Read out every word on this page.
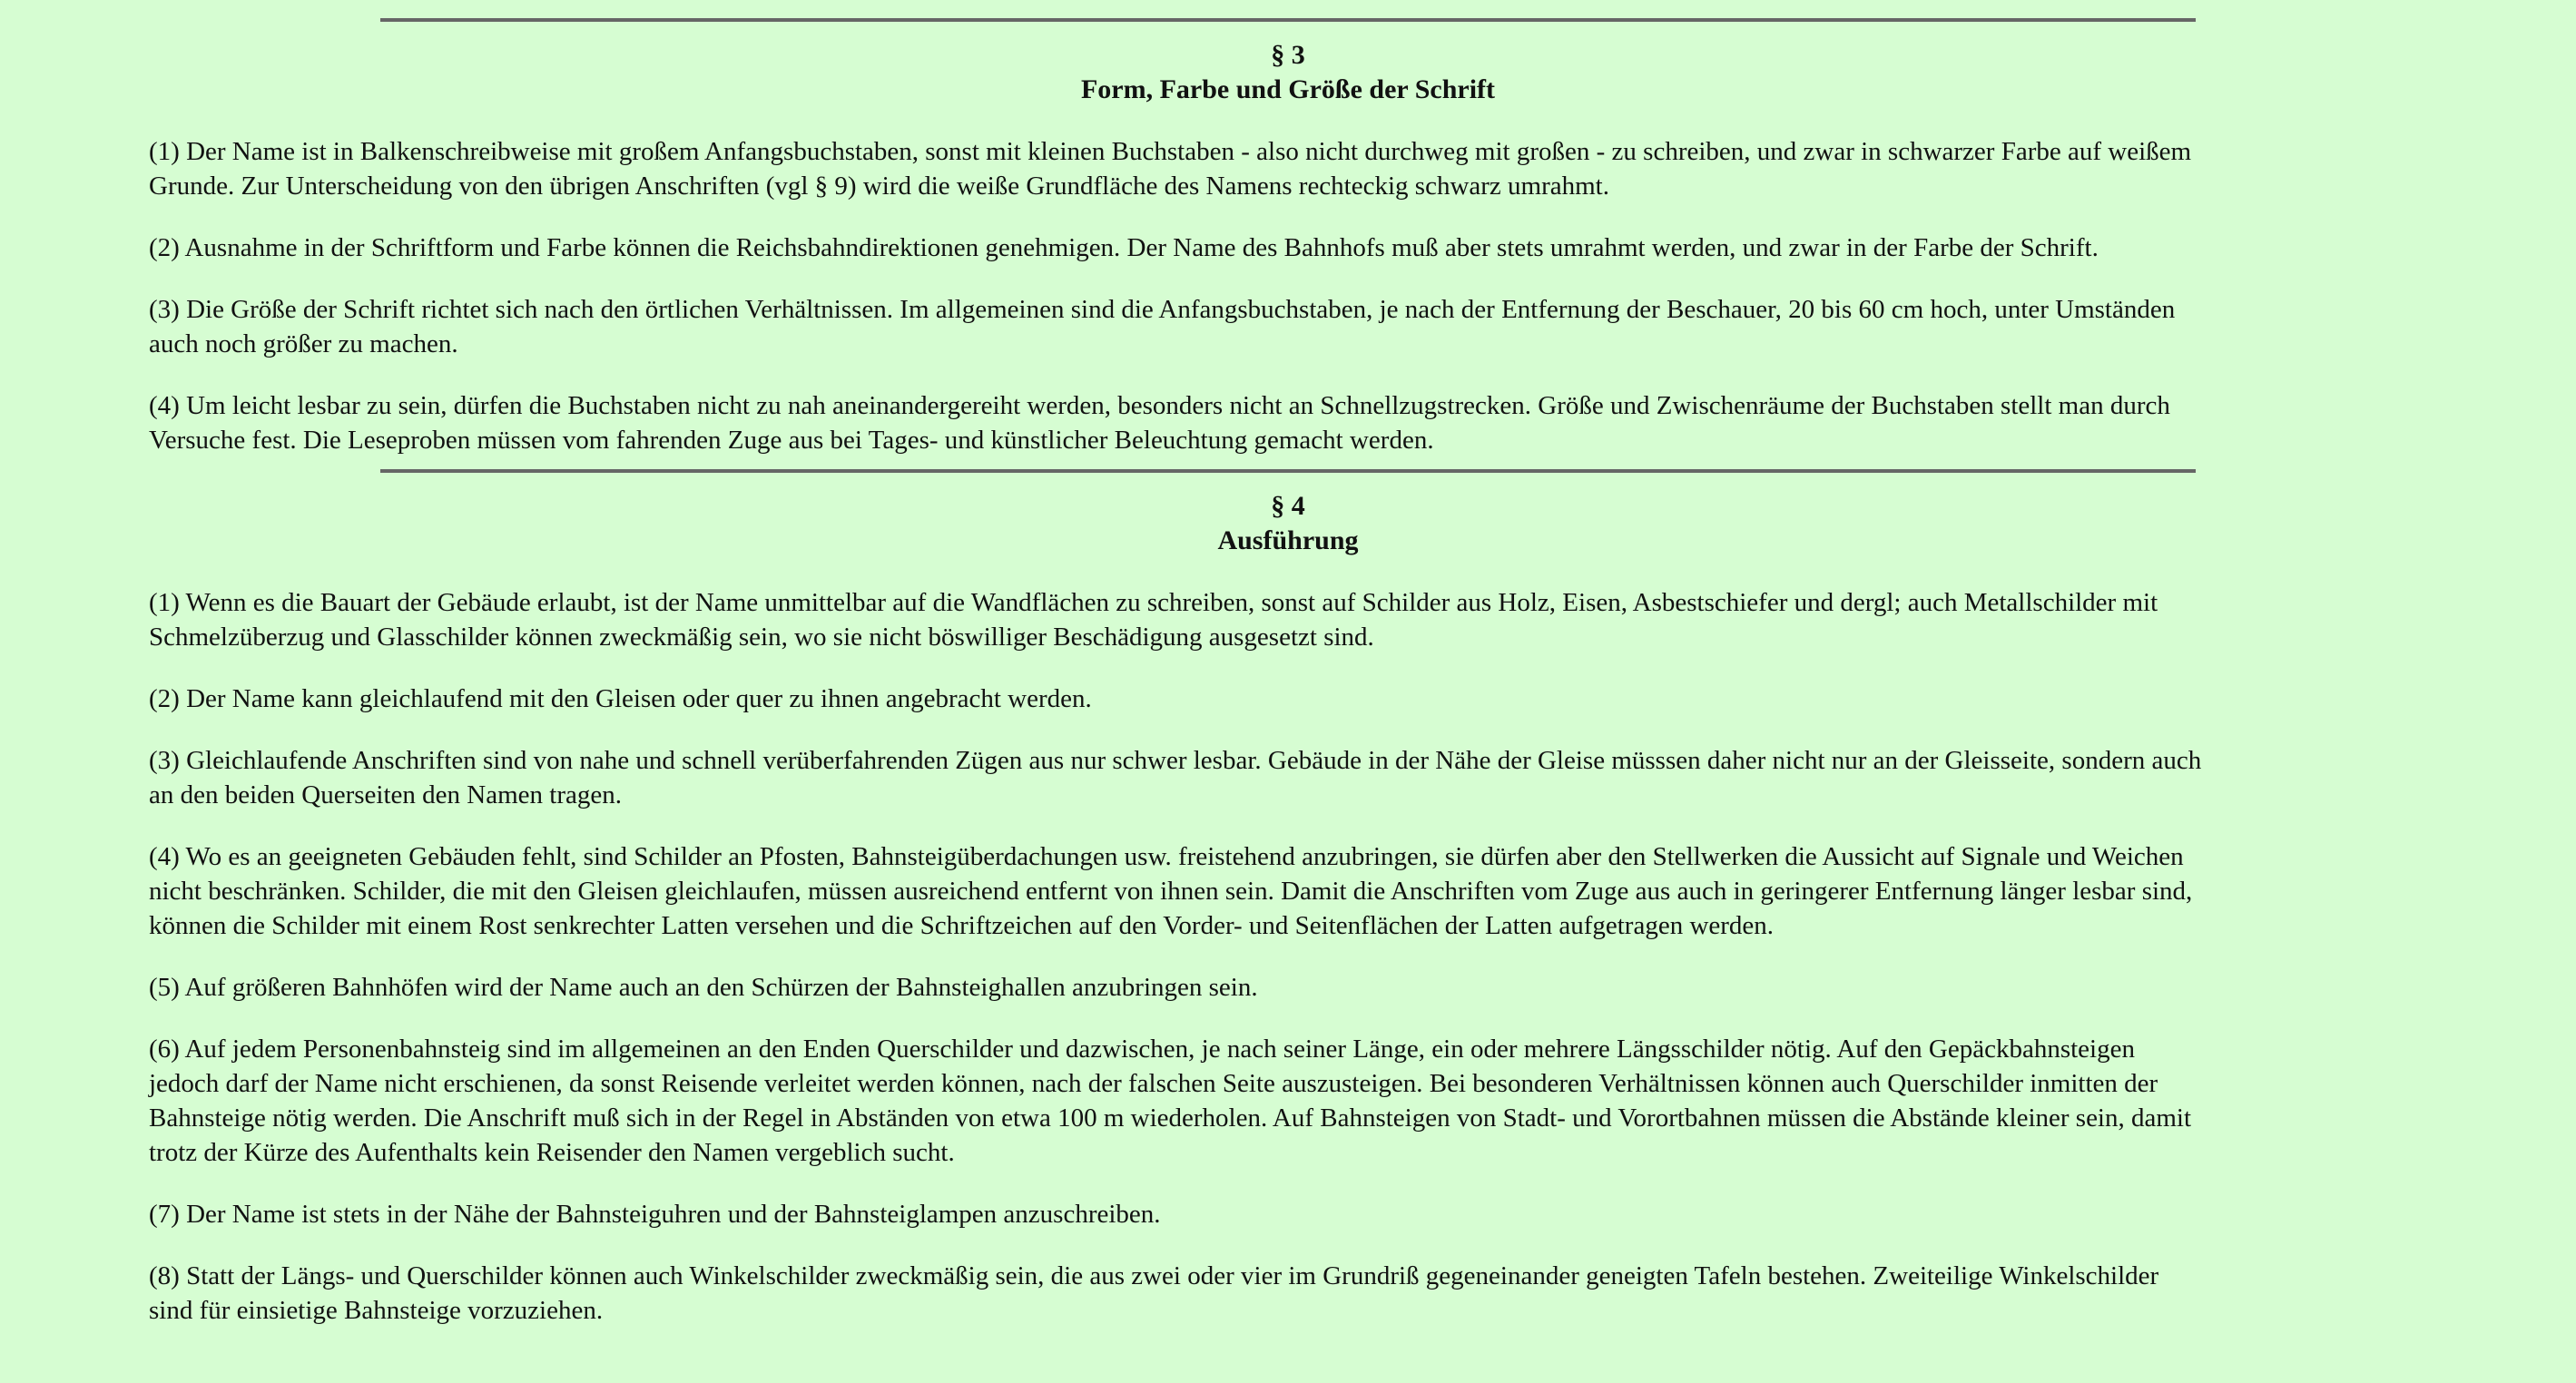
§ 3
Form, Farbe und Größe der Schrift

(1) Der Name ist in Balkenschreibweise mit großem Anfangsbuchstaben, sonst mit kleinen Buchstaben - also nicht durchweg mit großen - zu schreiben, und zwar in schwarzer Farbe auf weißem
Grunde. Zur Unterscheidung von den übrigen Anschriften (vgl § 9) wird die weiße Grundfläche des Namens rechteckig schwarz umrahmt.

(2) Ausnahme in der Schriftform und Farbe können die Reichsbahndirektionen genehmigen. Der Name des Bahnhofs muß aber stets umrahmt werden, und zwar in der Farbe der Schrift.

(3) Die Größe der Schrift richtet sich nach den örtlichen Verhältnissen. Im allgemeinen sind die Anfangsbuchstaben, je nach der Entfernung der Beschauer, 20 bis 60 cm hoch, unter Umständen
auch noch größer zu machen.

(4) Um leicht lesbar zu sein, dürfen die Buchstaben nicht zu nah aneinandergereiht werden, besonders nicht an Schnellzugstrecken. Größe und Zwischenräume der Buchstaben stellt man durch
Versuche fest. Die Leseproben müssen vom fahrenden Zuge aus bei Tages- und künstlicher Beleuchtung gemacht werden.

§ 4
Ausführung

(1) Wenn es die Bauart der Gebäude erlaubt, ist der Name unmittelbar auf die Wandflächen zu schreiben, sonst auf Schilder aus Holz, Eisen, Asbestschiefer und dergl; auch Metallschilder mit
Schmelzüberzug und Glasschilder können zweckmäßig sein, wo sie nicht böswilliger Beschädigung ausgesetzt sind.

(2) Der Name kann gleichlaufend mit den Gleisen oder quer zu ihnen angebracht werden.

(3) Gleichlaufende Anschriften sind von nahe und schnell verüberfahrenden Zügen aus nur schwer lesbar. Gebäude in der Nähe der Gleise müsssen daher nicht nur an der Gleisseite, sondern auch
an den beiden Querseiten den Namen tragen.

(4) Wo es an geeigneten Gebäuden fehlt, sind Schilder an Pfosten, Bahnsteigüberdachungen usw. freistehend anzubringen, sie dürfen aber den Stellwerken die Aussicht auf Signale und Weichen
nicht beschränken. Schilder, die mit den Gleisen gleichlaufen, müssen ausreichend entfernt von ihnen sein. Damit die Anschriften vom Zuge aus auch in geringerer Entfernung länger lesbar sind,
können die Schilder mit einem Rost senkrechter Latten versehen und die Schriftzeichen auf den Vorder- und Seitenflächen der Latten aufgetragen werden.

(5) Auf größeren Bahnhöfen wird der Name auch an den Schürzen der Bahnsteighallen anzubringen sein.

(6) Auf jedem Personenbahnsteig sind im allgemeinen an den Enden Querschilder und dazwischen, je nach seiner Länge, ein oder mehrere Längsschilder nötig. Auf den Gepäckbahnsteigen
jedoch darf der Name nicht erschienen, da sonst Reisende verleitet werden können, nach der falschen Seite auszusteigen. Bei besonderen Verhältnissen können auch Querschilder inmitten der
Bahnsteige nötig werden. Die Anschrift muß sich in der Regel in Abständen von etwa 100 m wiederholen. Auf Bahnsteigen von Stadt- und Vorortbahnen müssen die Abstände kleiner sein, damit
trotz der Kürze des Aufenthalts kein Reisender den Namen vergeblich sucht.

(7) Der Name ist stets in der Nähe der Bahnsteiguhren und der Bahnsteiglampen anzuschreiben.

(8) Statt der Längs- und Querschilder können auch Winkelschilder zweckmäßig sein, die aus zwei oder vier im Grundriß gegeneinander geneigten Tafeln bestehen. Zweiteilige Winkelschilder
sind für einsietige Bahnsteige vorzuziehen.
